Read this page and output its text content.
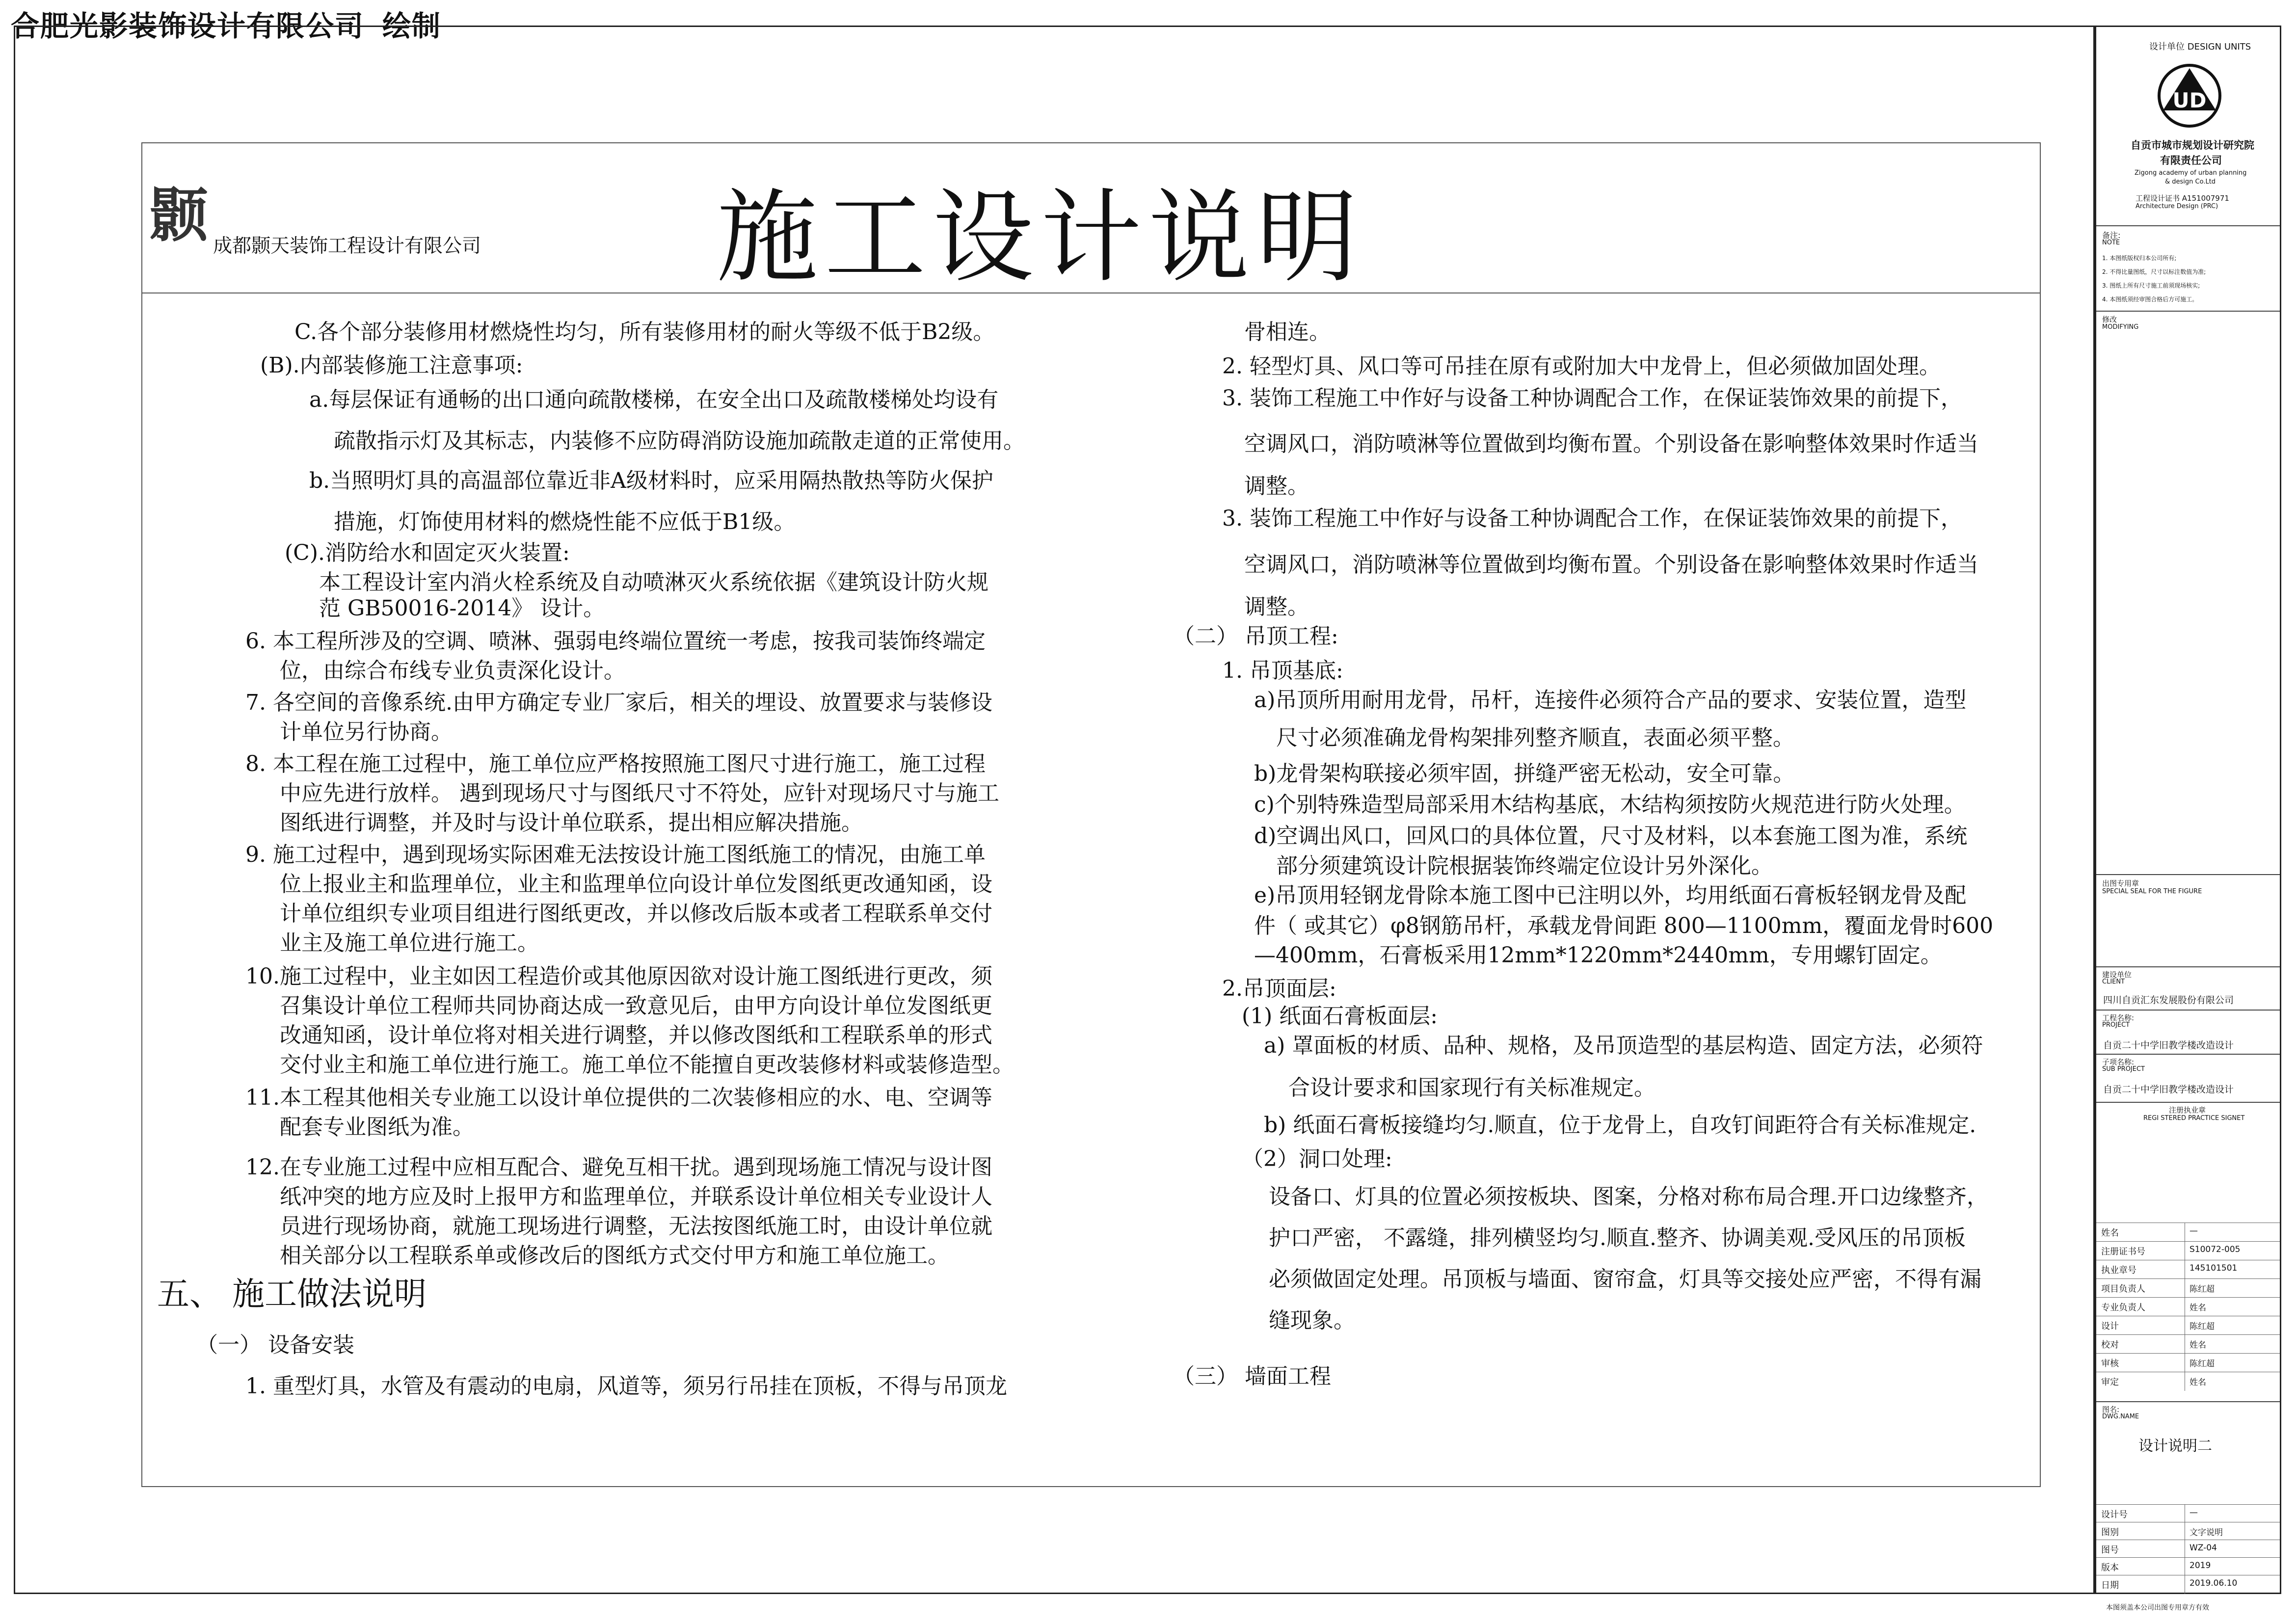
合肥光影装饰设计有限公司 绘制
颢 成都颢天装饰工程设计有限公司 施工设计说明
C.各个部分装修用材燃烧性均匀，所有装修用材的耐火等级不低于B2级。
(B).内部装修施工注意事项:
a.每层保证有通畅的出口通向疏散楼梯，在安全出口及疏散楼梯处均设有
疏散指示灯及其标志，内装修不应防碍消防设施加疏散走道的正常使用。
b.当照明灯具的高温部位靠近非A级材料时，应采用隔热散热等防火保护
措施，灯饰使用材料的燃烧性能不应低于B1级。
(C).消防给水和固定灭火装置:
本工程设计室内消火栓系统及自动喷淋灭火系统依据《建筑设计防火规
范 GB50016-2014》 设计。
6. 本工程所涉及的空调、喷淋、强弱电终端位置统一考虑，按我司装饰终端定
位，由综合布线专业负责深化设计。
7. 各空间的音像系统.由甲方确定专业厂家后，相关的埋设、放置要求与装修设
计单位另行协商。
8. 本工程在施工过程中，施工单位应严格按照施工图尺寸进行施工，施工过程
中应先进行放样。 遇到现场尺寸与图纸尺寸不符处，应针对现场尺寸与施工
图纸进行调整，并及时与设计单位联系，提出相应解决措施。
9. 施工过程中，遇到现场实际困难无法按设计施工图纸施工的情况，由施工单
位上报业主和监理单位，业主和监理单位向设计单位发图纸更改通知函，设
计单位组织专业项目组进行图纸更改，并以修改后版本或者工程联系单交付
业主及施工单位进行施工。
10.施工过程中，业主如因工程造价或其他原因欲对设计施工图纸进行更改，须
召集设计单位工程师共同协商达成一致意见后，由甲方向设计单位发图纸更
改通知函，设计单位将对相关进行调整，并以修改图纸和工程联系单的形式
交付业主和施工单位进行施工。施工单位不能擅自更改装修材料或装修造型。
11.本工程其他相关专业施工以设计单位提供的二次装修相应的水、电、空调等
配套专业图纸为准。
12.在专业施工过程中应相互配合、避免互相干扰。遇到现场施工情况与设计图
纸冲突的地方应及时上报甲方和监理单位，并联系设计单位相关专业设计人
员进行现场协商，就施工现场进行调整，无法按图纸施工时，由设计单位就
相关部分以工程联系单或修改后的图纸方式交付甲方和施工单位施工。
五、 施工做法说明
（一） 设备安装
1. 重型灯具，水管及有震动的电扇，风道等，须另行吊挂在顶板，不得与吊顶龙
骨相连。
2. 轻型灯具、风口等可吊挂在原有或附加大中龙骨上，但必须做加固处理。
3. 装饰工程施工中作好与设备工种协调配合工作，在保证装饰效果的前提下，
空调风口，消防喷淋等位置做到均衡布置。个别设备在影响整体效果时作适当
调整。
3. 装饰工程施工中作好与设备工种协调配合工作，在保证装饰效果的前提下，
空调风口，消防喷淋等位置做到均衡布置。个别设备在影响整体效果时作适当
调整。
（二） 吊顶工程:
1. 吊顶基底:
a)吊顶所用耐用龙骨，吊杆，连接件必须符合产品的要求、安装位置，造型
尺寸必须准确龙骨构架排列整齐顺直，表面必须平整。
b)龙骨架构联接必须牢固，拼缝严密无松动，安全可靠。
c)个别特殊造型局部采用木结构基底，木结构须按防火规范进行防火处理。
d)空调出风口，回风口的具体位置，尺寸及材料，以本套施工图为准，系统
部分须建筑设计院根据装饰终端定位设计另外深化。
e)吊顶用轻钢龙骨除本施工图中已注明以外，均用纸面石膏板轻钢龙骨及配
件（ 或其它）φ8钢筋吊杆，承载龙骨间距 800—1100mm，覆面龙骨时600
—400mm，石膏板采用12mm*1220mm*2440mm，专用螺钉固定。
2.吊顶面层:
(1) 纸面石膏板面层:
a) 罩面板的材质、品种、规格，及吊顶造型的基层构造、固定方法，必须符
合设计要求和国家现行有关标准规定。
b) 纸面石膏板接缝均匀.顺直，位于龙骨上，自攻钉间距符合有关标准规定.
（2）洞口处理:
设备口、灯具的位置必须按板块、图案，分格对称布局合理.开口边缘整齐，
护口严密， 不露缝，排列横竖均匀.顺直.整齐、协调美观.受风压的吊顶板
必须做固定处理。吊顶板与墙面、窗帘盒，灯具等交接处应严密，不得有漏
缝现象。
（三） 墙面工程
设计单位 DESIGN UNITS
UD
自贡市城市规划设计研究院
有限责任公司
Zigong academy of urban planning
& design Co.Ltd
工程设计证书 A151007971
Architecture Design (PRC)
备注:
NOTE
1. 本图纸版权归本公司所有;
2. 不得比量图纸，尺寸以标注数值为准;
3. 图纸上所有尺寸施工前须现场核实;
4. 本图纸须经审图合格后方可施工。
修改
MODIFYING
出图专用章
SPECIAL SEAL FOR THE FIGURE
建设单位
CLIENT
四川自贡汇东发展股份有限公司
工程名称:
PROJECT
自贡二十中学旧教学楼改造设计
子项名称:
SUB PROJECT
自贡二十中学旧教学楼改造设计
注册执业章
REGI STERED PRACTICE SIGNET
姓名	—
注册证书号	S10072-005
执业章号	145101501
项目负责人	陈红超
专业负责人	姓名
设计	陈红超
校对	姓名
审核	陈红超
审定	姓名
图名:
DWG.NAME
设计说明二
设计号	—
图别	文字说明
图号	WZ-04
版本	2019
日期	2019.06.10
本图须盖本公司出图专用章方有效
